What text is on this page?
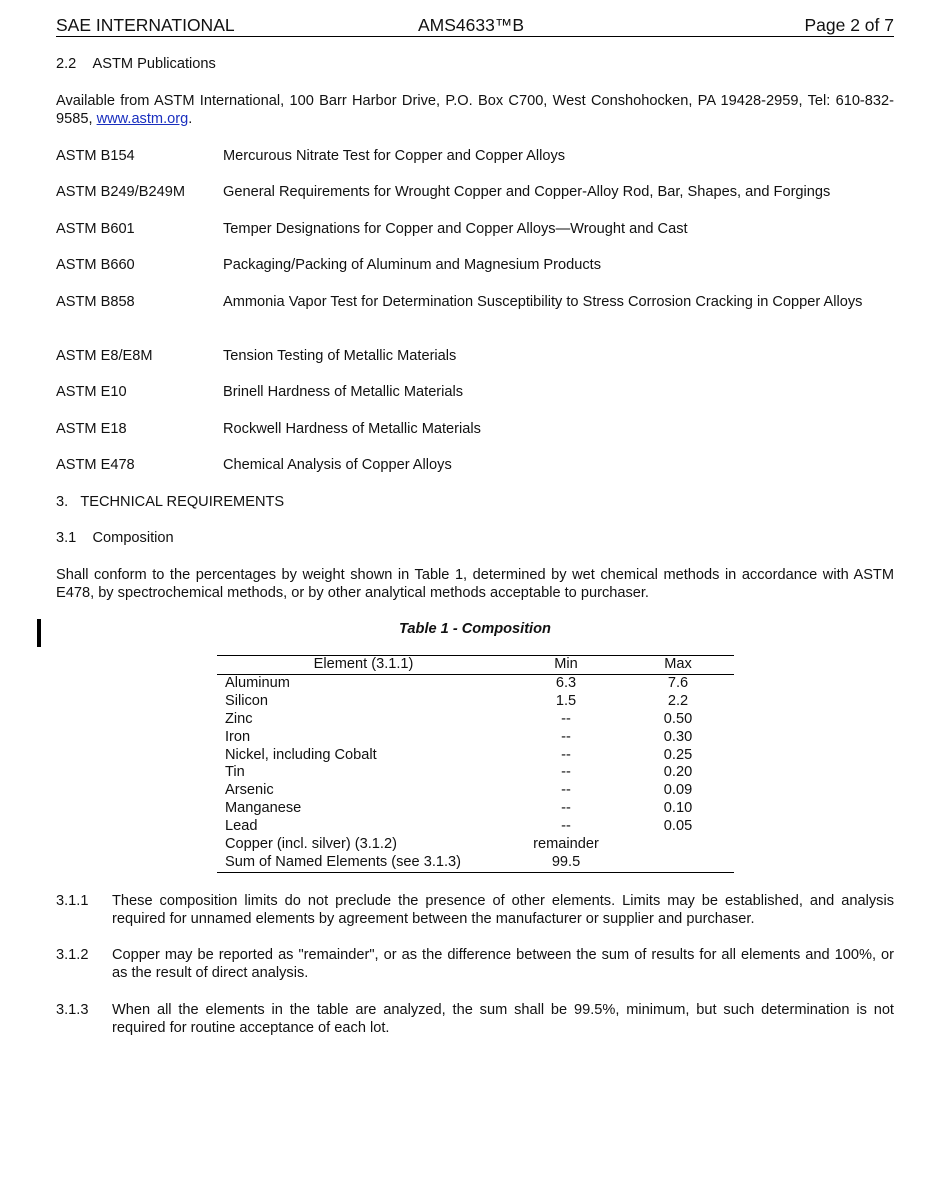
SAE INTERNATIONAL	AMS4633™B	Page 2 of 7
2.2    ASTM Publications
Available from ASTM International, 100 Barr Harbor Drive, P.O. Box C700, West Conshohocken, PA 19428-2959, Tel: 610-832-9585, www.astm.org.
ASTM B154	Mercurous Nitrate Test for Copper and Copper Alloys
ASTM B249/B249M	General Requirements for Wrought Copper and Copper-Alloy Rod, Bar, Shapes, and Forgings
ASTM B601	Temper Designations for Copper and Copper Alloys—Wrought and Cast
ASTM B660	Packaging/Packing of Aluminum and Magnesium Products
ASTM B858	Ammonia Vapor Test for Determination Susceptibility to Stress Corrosion Cracking in Copper Alloys
ASTM E8/E8M	Tension Testing of Metallic Materials
ASTM E10	Brinell Hardness of Metallic Materials
ASTM E18	Rockwell Hardness of Metallic Materials
ASTM E478	Chemical Analysis of Copper Alloys
3.   TECHNICAL REQUIREMENTS
3.1    Composition
Shall conform to the percentages by weight shown in Table 1, determined by wet chemical methods in accordance with ASTM E478, by spectrochemical methods, or by other analytical methods acceptable to purchaser.
Table 1 - Composition
Element (3.1.1)	Min	Max
Aluminum	6.3	7.6
Silicon	1.5	2.2
Zinc	--	0.50
Iron	--	0.30
Nickel, including Cobalt	--	0.25
Tin	--	0.20
Arsenic	--	0.09
Manganese	--	0.10
Lead	--	0.05
Copper (incl. silver) (3.1.2)	remainder	
Sum of Named Elements (see 3.1.3)	99.5	
3.1.1 These composition limits do not preclude the presence of other elements. Limits may be established, and analysis required for unnamed elements by agreement between the manufacturer or supplier and purchaser.
3.1.2 Copper may be reported as "remainder", or as the difference between the sum of results for all elements and 100%, or as the result of direct analysis.
3.1.3 When all the elements in the table are analyzed, the sum shall be 99.5%, minimum, but such determination is not required for routine acceptance of each lot.
